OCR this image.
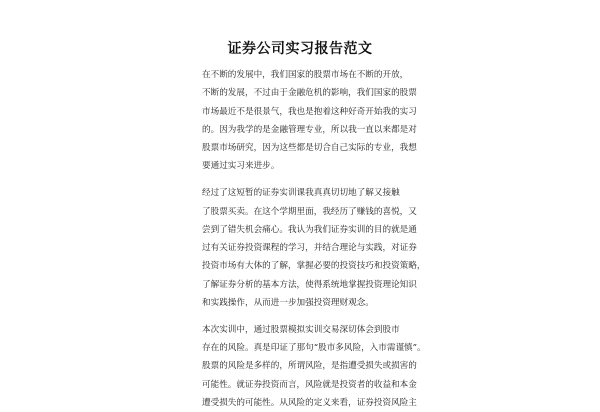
证券公司实习报告范文
在不断的发展中，我们国家的股票市场在不断的开放，
不断的发展，不过由于金融危机的影响，我们国家的股票
市场最近不是很景气，我也是抱着这种好奇开始我的实习
的。因为我学的是金融管理专业，所以我一直以来都是对
股票市场研究，因为这些都是切合自己实际的专业，我想
要通过实习来进步。
经过了这短暂的证券实训课我真真切切地了解又接触
了股票买卖。在这个学期里面，我经历了赚钱的喜悦，又
尝到了错失机会痛心。我认为我们证券实训的目的就是通
过有关证券投资课程的学习，并结合理论与实践，对证券
投资市场有大体的了解，掌握必要的投资技巧和投资策略，
了解证券分析的基本方法，使得系统地掌握投资理论知识
和实践操作，从而进一步加强投资理财观念。
本次实训中，通过股票模拟实训交易深切体会到股市
存在的风险。真是印证了那句“股市多风险，入市需谨慎”。
股票的风险是多样的，所谓风险，是指遭受损失或损害的
可能性。就证券投资而言，风险就是投资者的收益和本金
遭受损失的可能性。从风险的定义来看，证券投资风险主
